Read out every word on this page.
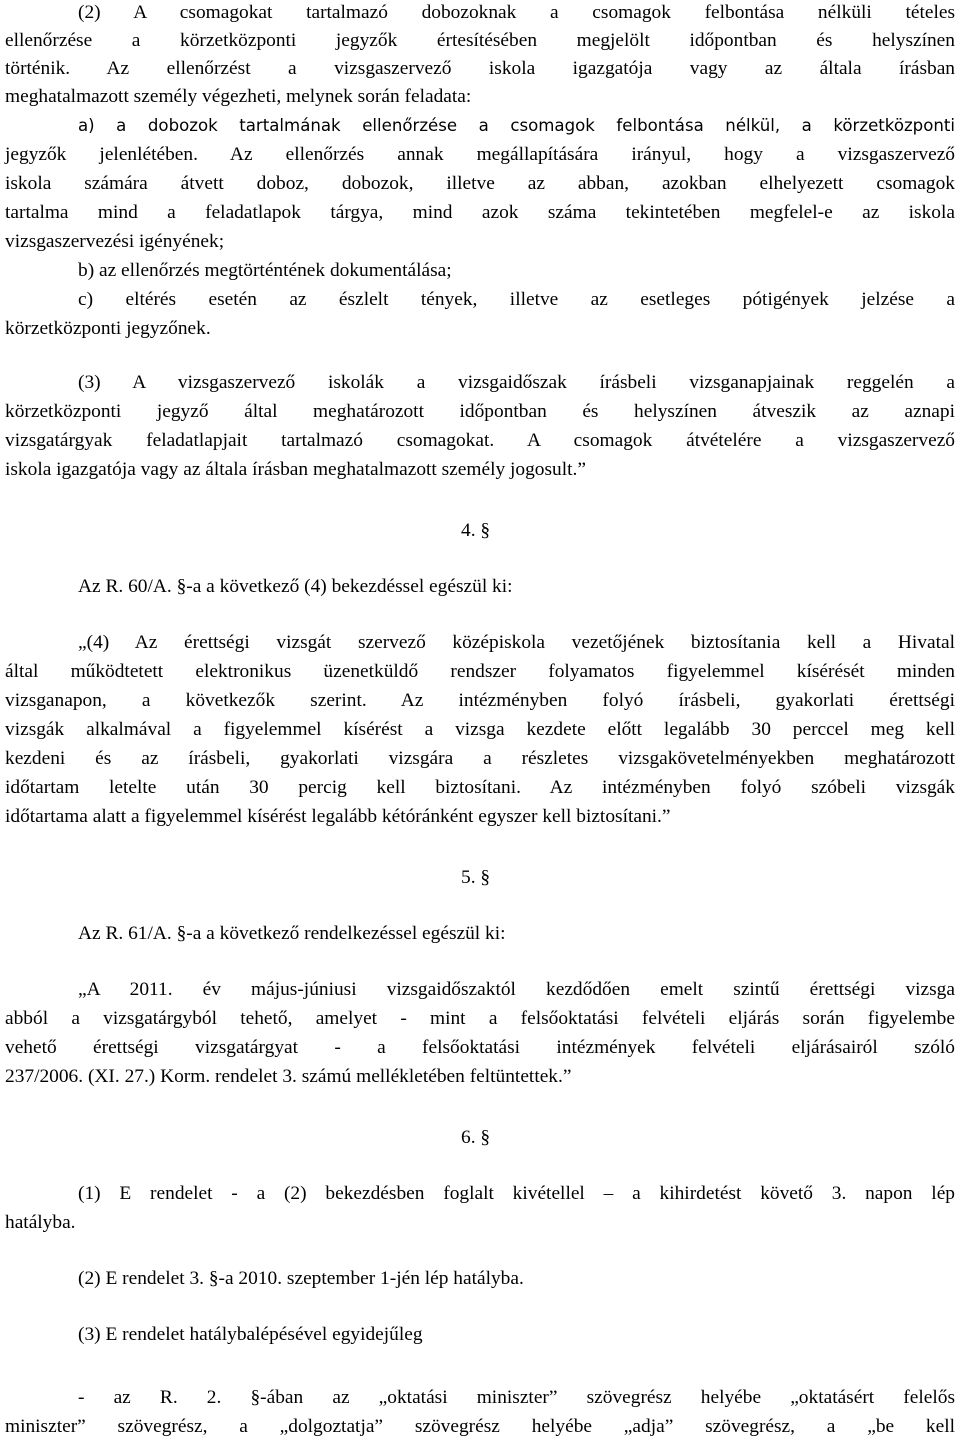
(2) A csomagokat tartalmazó dobozoknak a csomagok felbontása nélküli tételes
ellenőrzése a körzetközponti jegyzők értesítésében megjelölt időpontban és helyszínen
történik. Az ellenőrzést a vizsgaszervező iskola igazgatója vagy az általa írásban
meghatalmazott személy végezheti, melynek során feladata:
a) a dobozok tartalmának ellenőrzése a csomagok felbontása nélkül, a körzetközponti
jegyzők jelenlétében. Az ellenőrzés annak megállapítására irányul, hogy a vizsgaszervező
iskola számára átvett doboz, dobozok, illetve az abban, azokban elhelyezett csomagok
tartalma mind a feladatlapok tárgya, mind azok száma tekintetében megfelel-e az iskola
vizsgaszervezési igényének;
b) az ellenőrzés megtörténtének dokumentálása;
c) eltérés esetén az észlelt tények, illetve az esetleges pótigények jelzése a
körzetközponti jegyzőnek.
(3) A vizsgaszervező iskolák a vizsgaidőszak írásbeli vizsganapjainak reggelén a
körzetközponti jegyző által meghatározott időpontban és helyszínen átveszik az aznapi
vizsgatárgyak feladatlapjait tartalmazó csomagokat. A csomagok átvételére a vizsgaszervező
iskola igazgatója vagy az általa írásban meghatalmazott személy jogosult.”
4. §
Az R. 60/A. §-a a következő (4) bekezdéssel egészül ki:
„(4) Az érettségi vizsgát szervező középiskola vezetőjének biztosítania kell a Hivatal
által működtetett elektronikus üzenetküldő rendszer folyamatos figyelemmel kísérését minden
vizsganapon, a következők szerint. Az intézményben folyó írásbeli, gyakorlati érettségi
vizsgák alkalmával a figyelemmel kísérést a vizsga kezdete előtt legalább 30 perccel meg kell
kezdeni és az írásbeli, gyakorlati vizsgára a részletes vizsgakövetelményekben meghatározott
időtartam letelte után 30 percig kell biztosítani. Az intézményben folyó szóbeli vizsgák
időtartama alatt a figyelemmel kísérést legalább kétóránként egyszer kell biztosítani.”
5. §
Az R. 61/A. §-a a következő rendelkezéssel egészül ki:
„A 2011. év május-júniusi vizsgaidőszaktól kezdődően emelt szintű érettségi vizsga
abból a vizsgatárgyból tehető, amelyet - mint a felsőoktatási felvételi eljárás során figyelembe
vehető érettségi vizsgatárgyat - a felsőoktatási intézmények felvételi eljárásairól szóló
237/2006. (XI. 27.) Korm. rendelet 3. számú mellékletében feltüntettek.”
6. §
(1) E rendelet - a (2) bekezdésben foglalt kivétellel – a kihirdetést követő 3. napon lép
hatályba.
(2) E rendelet 3. §-a 2010. szeptember 1-jén lép hatályba.
(3) E rendelet hatálybalépésével egyidejűleg
- az R. 2. §-ában az „oktatási miniszter” szövegrész helyébe „oktatásért felelős
miniszter” szövegrész, a „dolgoztatja” szövegrész helyébe „adja” szövegrész, a „be kell
